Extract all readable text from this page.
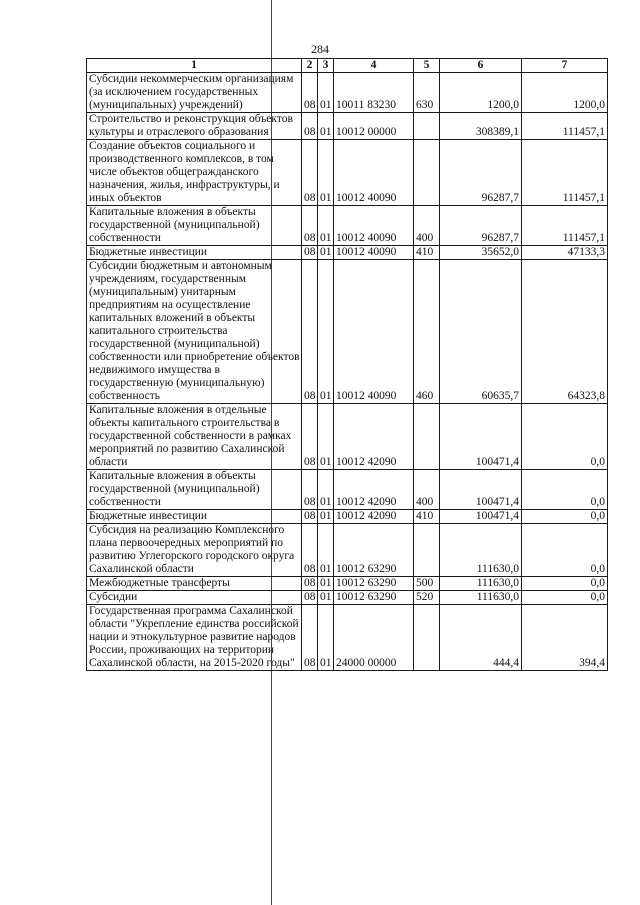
284
1	2	3	4	5	6	7
Субсидии некоммерческим организациям (за исключением государственных (муниципальных) учреждений)	08	01	10011 83230	630	1200,0	1200,0
Строительство и реконструкция объектов культуры и отраслевого образования	08	01	10012 00000		308389,1	111457,1
Создание объектов социального и производственного комплексов, в том числе объектов общегражданского назначения, жилья, инфраструктуры, и иных объектов	08	01	10012 40090		96287,7	111457,1
Капитальные вложения в объекты государственной (муниципальной) собственности	08	01	10012 40090	400	96287,7	111457,1
Бюджетные инвестиции	08	01	10012 40090	410	35652,0	47133,3
Субсидии бюджетным и автономным учреждениям, государственным (муниципальным) унитарным предприятиям на осуществление капитальных вложений в объекты капитального строительства государственной (муниципальной) собственности или приобретение объектов недвижимого имущества в государственную (муниципальную) собственность	08	01	10012 40090	460	60635,7	64323,8
Капитальные вложения в отдельные объекты капитального строительства в государственной собственности в рамках мероприятий по развитию Сахалинской области	08	01	10012 42090		100471,4	0,0
Капитальные вложения в объекты государственной (муниципальной) собственности	08	01	10012 42090	400	100471,4	0,0
Бюджетные инвестиции	08	01	10012 42090	410	100471,4	0,0
Субсидия на реализацию Комплексного плана первоочередных мероприятий по развитию Углегорского городского округа Сахалинской области	08	01	10012 63290		111630,0	0,0
Межбюджетные трансферты	08	01	10012 63290	500	111630,0	0,0
Субсидии	08	01	10012 63290	520	111630,0	0,0
Государственная программа Сахалинской области "Укрепление единства российской нации и этнокультурное развитие народов России, проживающих на территории Сахалинской области, на 2015-2020 годы"	08	01	24000 00000		444,4	394,4
